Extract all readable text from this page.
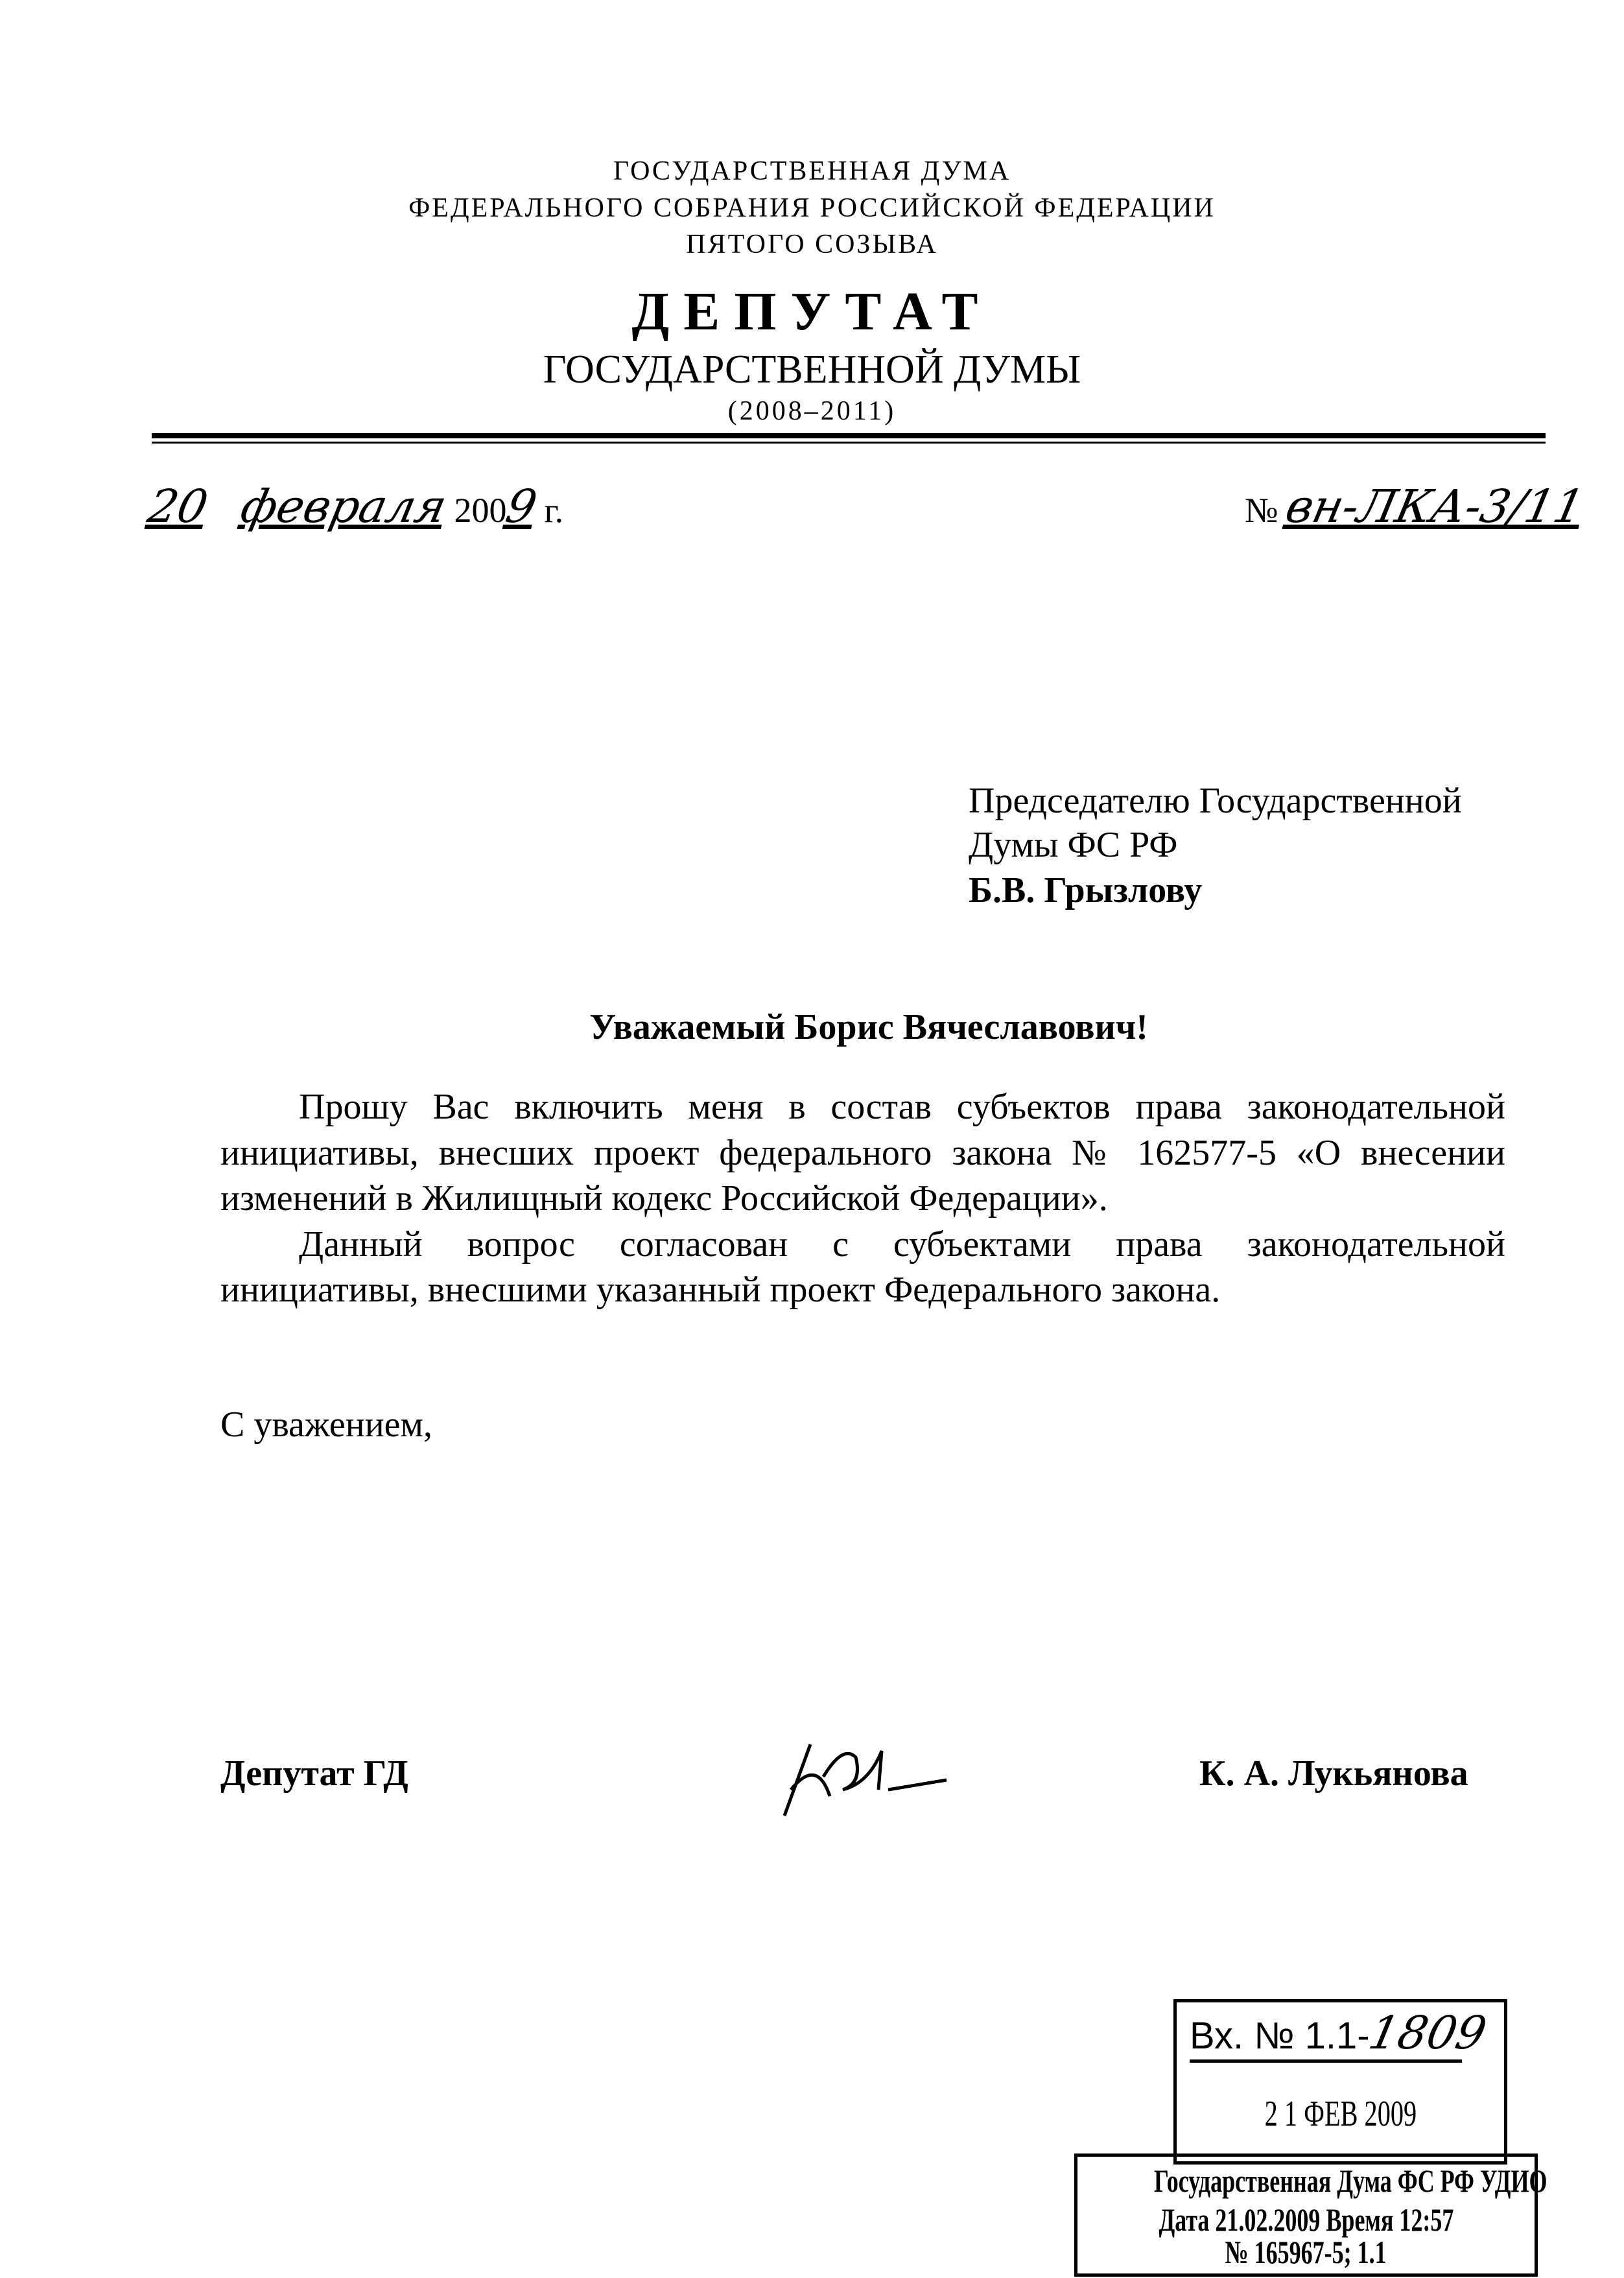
ГОСУДАРСТВЕННАЯ ДУМА
ФЕДЕРАЛЬНОГО СОБРАНИЯ РОССИЙСКОЙ ФЕДЕРАЦИИ
ПЯТОГО СОЗЫВА
ДЕПУТАТ
ГОСУДАРСТВЕННОЙ ДУМЫ
(2008–2011)
20 февраля 2009 г.	№ вн-ЛКА-3/11
Председателю Государственной
Думы ФС РФ
Б.В. Грызлову
Уважаемый Борис Вячеславович!
Прошу Вас включить меня в состав субъектов права законодательной
инициативы, внесших проект федерального закона № 162577-5 «О внесении
изменений в Жилищный кодекс Российской Федерации».
Данный вопрос согласован с субъектами права законодательной
инициативы, внесшими указанный проект Федерального закона.
С уважением,
Депутат ГД	К. А. Лукьянова
Вх. № 1.1-1809
2 1 ФЕВ 2009
Государственная Дума ФС РФ УДИО
Дата 21.02.2009 Время 12:57
№ 165967-5; 1.1
